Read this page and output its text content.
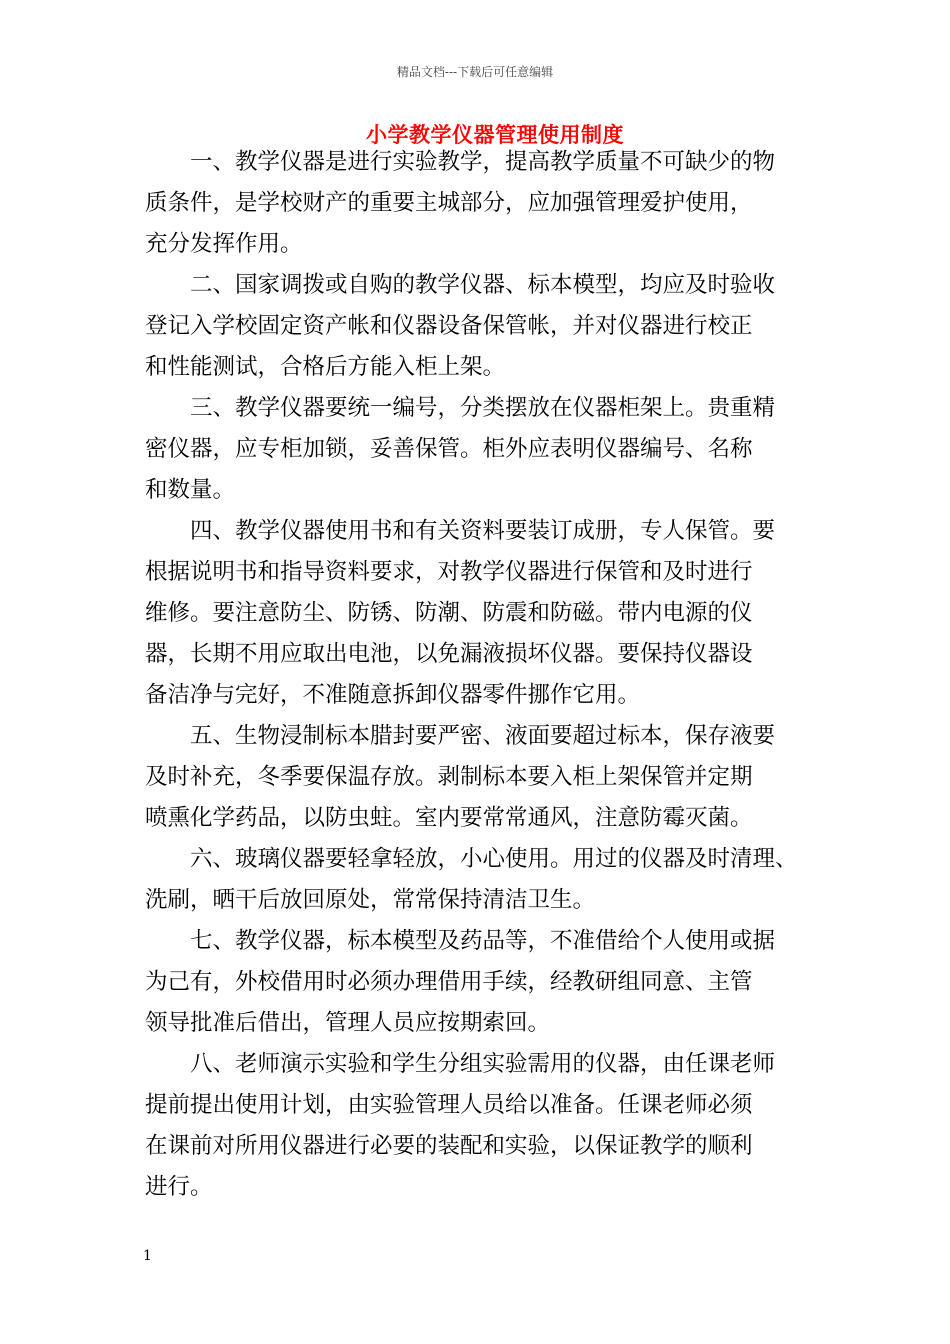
精品文档---下载后可任意编辑
小学教学仪器管理使用制度

一、教学仪器是进行实验教学，提高教学质量不可缺少的物
质条件，是学校财产的重要主城部分，应加强管理爱护使用，
充分发挥作用。

二、国家调拨或自购的教学仪器、标本模型，均应及时验收
登记入学校固定资产帐和仪器设备保管帐，并对仪器进行校正
和性能测试，合格后方能入柜上架。

三、教学仪器要统一编号，分类摆放在仪器柜架上。贵重精
密仪器，应专柜加锁，妥善保管。柜外应表明仪器编号、名称
和数量。

四、教学仪器使用书和有关资料要装订成册，专人保管。要
根据说明书和指导资料要求，对教学仪器进行保管和及时进行
维修。要注意防尘、防锈、防潮、防震和防磁。带内电源的仪
器，长期不用应取出电池，以免漏液损坏仪器。要保持仪器设
备洁净与完好，不准随意拆卸仪器零件挪作它用。

五、生物浸制标本腊封要严密、液面要超过标本，保存液要
及时补充，冬季要保温存放。剥制标本要入柜上架保管并定期
喷熏化学药品，以防虫蛀。室内要常常通风，注意防霉灭菌。

六、玻璃仪器要轻拿轻放，小心使用。用过的仪器及时清理、
洗刷，晒干后放回原处，常常保持清洁卫生。

七、教学仪器，标本模型及药品等，不准借给个人使用或据
为己有，外校借用时必须办理借用手续，经教研组同意、主管
领导批准后借出，管理人员应按期索回。

八、老师演示实验和学生分组实验需用的仪器，由任课老师
提前提出使用计划，由实验管理人员给以准备。任课老师必须
在课前对所用仪器进行必要的装配和实验，以保证教学的顺利
进行。

1
